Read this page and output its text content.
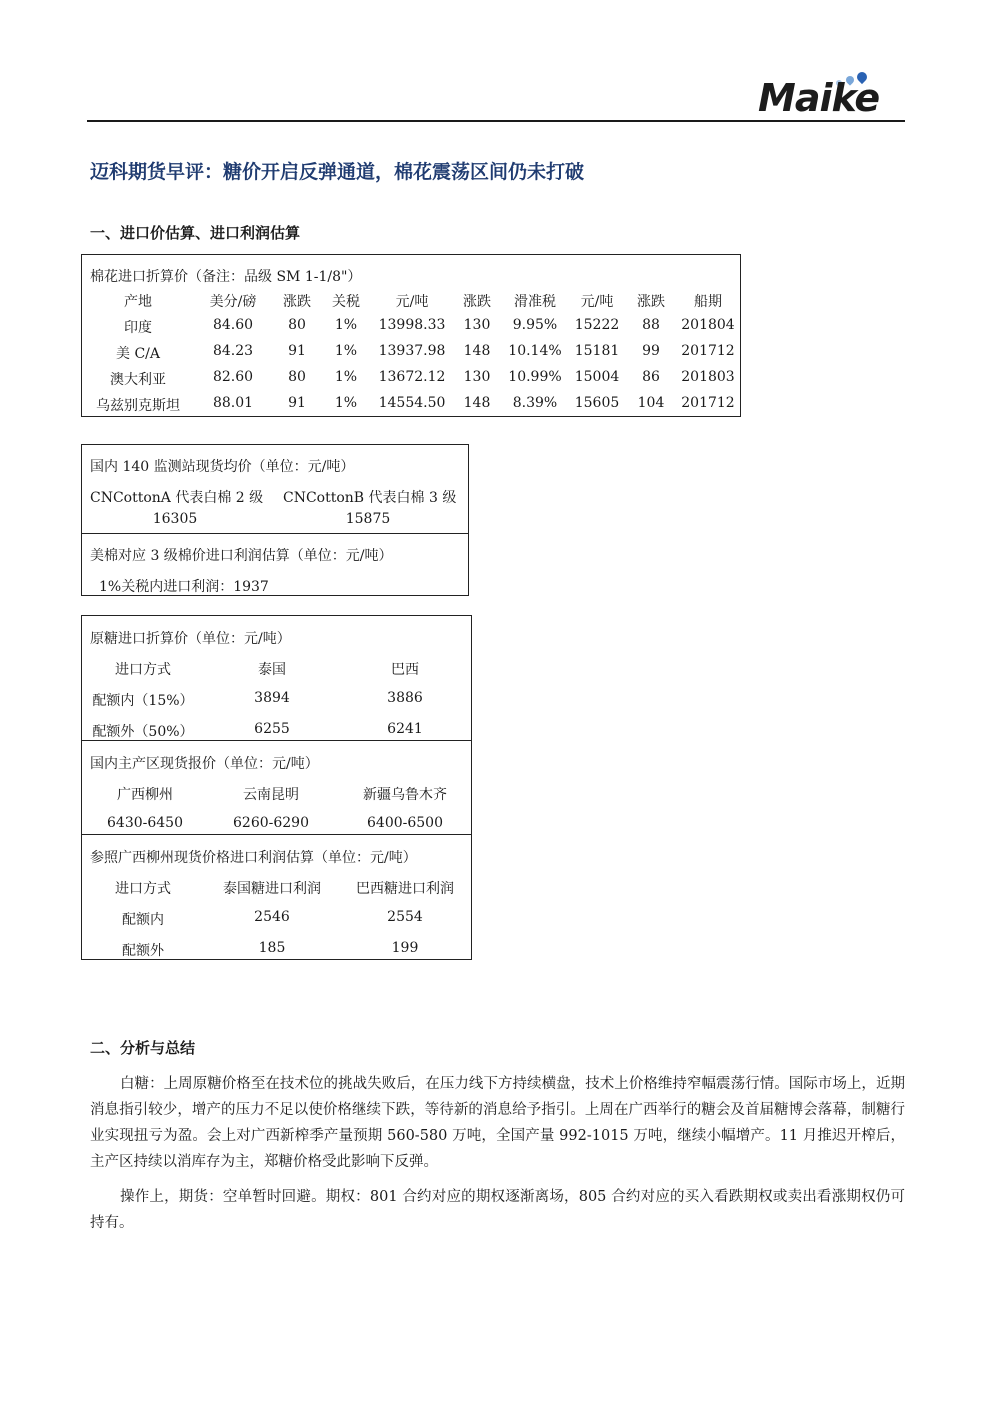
Maike
迈科期货早评：糖价开启反弹通道，棉花震荡区间仍未打破
一、进口价估算、进口利润估算
棉花进口折算价（备注：品级 SM 1-1/8"）
产地	美分/磅	涨跌	关税	元/吨	涨跌	滑准税	元/吨	涨跌	船期
印度	84.60	80	1%	13998.33	130	9.95%	15222	88	201804
美 C/A	84.23	91	1%	13937.98	148	10.14% 15181	99	201712
澳大利亚	82.60	80	1%	13672.12	130	10.99% 15004	86	201803
乌兹别克斯坦	88.01	91	1%	14554.50	148	8.39%	15605	104	201712
国内 140 监测站现货均价（单位：元/吨）
CNCottonA 代表白棉 2 级 CNCottonB 代表白棉 3 级
16305	15875
美棉对应 3 级棉价进口利润估算（单位：元/吨）
1%关税内进口利润：1937
原糖进口折算价（单位：元/吨）
进口方式	泰国	巴西
配额内（15%）	3894	3886
配额外（50%）	6255	6241
国内主产区现货报价（单位：元/吨）
广西柳州	云南昆明	新疆乌鲁木齐
6430-6450	6260-6290	6400-6500
参照广西柳州现货价格进口利润估算（单位：元/吨）
进口方式	泰国糖进口利润	巴西糖进口利润
配额内	2546	2554
配额外	185	199
二、分析与总结
白糖：上周原糖价格至在技术位的挑战失败后，在压力线下方持续横盘，技术上价格维持窄幅震荡行情。国际市场上，近期消息指引较少，增产的压力不足以使价格继续下跌，等待新的消息给予指引。上周在广西举行的糖会及首届糖博会落幕，制糖行业实现扭亏为盈。会上对广西新榨季产量预期 560-580 万吨，全国产量 992-1015 万吨，继续小幅增产。11 月推迟开榨后，主产区持续以消库存为主，郑糖价格受此影响下反弹。
操作上，期货：空单暂时回避。期权：801 合约对应的期权逐渐离场，805 合约对应的买入看跌期权或卖出看涨期权仍可持有。
